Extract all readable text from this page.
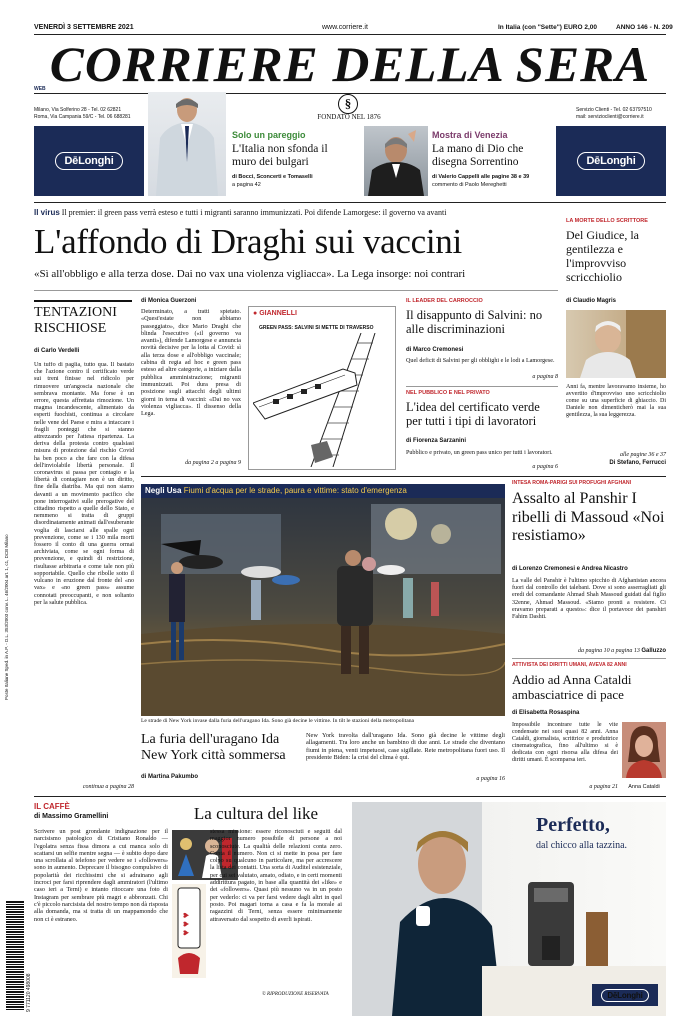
VENERDÌ 3 SETTEMBRE 2021	www.corriere.it	In Italia (con "Sette") EURO 2,00	ANNO 146 - N. 209
CORRIERE DELLA SERA
WEB
Milano, Via Solferino 28 - Tel. 02 62821
Roma, Via Campania 59/C - Tel. 06 688281
§
FONDATO NEL 1876
Servizio Clienti - Tel. 02 63797510
mail: servizioclienti@corriere.it
DēLonghi
Solo un pareggio
L'Italia non sfonda il muro dei bulgari
di Bocci, Sconcerti e Tomaselli
a pagina 42
Mostra di Venezia
La mano di Dio che disegna Sorrentino
di Valerio Cappelli alle pagine 38 e 39
commento di Paolo Mereghetti
DēLonghi
Il virus Il premier: il green pass verrà esteso e tutti i migranti saranno immunizzati. Poi difende Lamorgese: il governo va avanti
L'affondo di Draghi sui vaccini
«Sì all'obbligo e alla terza dose. Dai no vax una violenza vigliacca». La Lega insorge: noi contrari
LA MORTE DELLO SCRITTORE
Del Giudice, la gentilezza e l'improvviso scricchiolio
di Claudio Magris
Anni fa, mentre lavoravamo insieme, ho avvertito d'improvviso uno scricchiolio come su una superficie di ghiaccio. Di Daniele non dimenticherò mai la sua gentilezza, la sua leggerezza.
alle pagine 36 e 37
Di Stefano, Ferrucci
TENTAZIONI RISCHIOSE
di Carlo Verdelli
Un tuffo di paglia, tutto qua. Il bastato che l'azione contro il certificato verde sui treni finisse nel ridicolo per rimuovere un'angoscia nazionale che sembrava montante. Ma forse è un errore, questa affrettata rimozione. Un magma incandescente, alimentato da esperti fuochisti, continua a circolare nelle vene del Paese e mira a intaccare i fragili ponteggi che si stanno attrezzando per l'attesa ripartenza. La deriva della protesta contro qualsiasi misura di protezione dal rischio Covid ha ben poco a che fare con la difesa dell'inviolabile libertà personale. Il coronavirus si passa per contagio e la libertà di contagiare non è un diritto, fine della diatriba. Ma qui non siamo davanti a un movimento pacifico che pone interrogativi sulle prerogative del cittadino rispetto a quelle dello Stato, e nemmeno si tratta di gruppi disordinatamente animati dall'esuberante voglia di lasciarsi alle spalle ogni prevenzione, come se i 130 mila morti fossero il conto di una guerra ormai archiviata, come se ogni forma di prevenzione, e quindi di restrizione, risultasse arbitraria e come tale non più sopportabile. Quello che ribolle sotto il vulcano in eruzione dal fronte del «no vax» e «no green pass» assume connotati preoccupanti, e non soltanto per la salute pubblica.
continua a pagina 28
di Monica Guerzoni
Determinato, a tratti spietato. «Quest'estate non abbiamo passeggiato», dice Mario Draghi che blinda l'esecutivo («il governo va avanti»), difende Lamorgese e annuncia novità decisive per la lotta al Covid: sì alla terza dose e all'obbligo vaccinale; cabina di regia ad hoc e green pass esteso ad altre categorie, a iniziare dalla pubblica amministrazione; migranti immunizzati. Poi dura presa di posizione sugli attacchi degli ultimi giorni in tema di vaccini: «Dai no vax violenza vigliacca». Il dissenso della Lega.
da pagina 2 a pagina 9
● GIANNELLI
GREEN PASS: SALVINI SI METTE DI TRAVERSO
IL LEADER DEL CARROCCIO
Il disappunto di Salvini: no alle discriminazioni
di Marco Cremonesi
Quel deficit di Salvini per gli obblighi e le lodi a Lamorgese.
a pagina 8
NEL PUBBLICO E NEL PRIVATO
L'idea del certificato verde per tutti i tipi di lavoratori
di Fiorenza Sarzanini
Pubblico e privato, un green pass unico per tutti i lavoratori.
a pagina 6
Negli Usa Fiumi d'acqua per le strade, paura e vittime: stato d'emergenza
Le strade di New York invase dalla furia dell'uragano Ida. Sono già decine le vittime. In tilt le stazioni della metropolitana
La furia dell'uragano Ida New York città sommersa
di Martina Pakumbo
New York travolta dall'uragano Ida. Sono già decine le vittime degli allagamenti. Tra loro anche un bambino di due anni. Le strade che diventano fiumi in piena, venti impetuosi, case sigillate. Rete metropolitana fuori uso. Il presidente Biden: la crisi del clima è qui.
a pagina 16
INTESA ROMA-PARIGI SUI PROFUGHI AFGHANI
Assalto al Panshir I ribelli di Massoud «Noi resistiamo»
di Lorenzo Cremonesi e Andrea Nicastro
La valle del Panshir è l'ultimo spicchio di Afghanistan ancora fuori dal controllo dei talebani. Dove si sono asserragliati gli eredi del comandante Ahmad Shah Massoud guidati dal figlio 32enne, Ahmad Massoud. «Siamo pronti a resistere. Ci eravamo preparati a questo»: dice il portavoce dei panshiri Fahim Dashti.
da pagina 10 a pagina 13 Galluzzo
ATTIVISTA DEI DIRITTI UMANI, AVEVA 82 ANNI
Addio ad Anna Cataldi ambasciatrice di pace
di Elisabetta Rosaspina
Impossibile incontrare tutte le vite condensate nei suoi quasi 82 anni. Anna Cataldi, giornalista, scrittrice e produttrice cinematografica, fino all'ultimo si è dedicata con ogni risorsa alla difesa dei diritti umani. È scomparsa ieri.
a pagina 21	Anna Cataldi
IL CAFFÈ
di Massimo Gramellini	La cultura del like
Scrivere un post grondante indignazione per il narcisismo patologico di Cristiano Ronaldo — l'egolatra senza fissa dimora a cui manca solo di scattarsi un selfie mentre segna — è subito dopo dare una scrollata al telefono per vedere se i «followers» sono in aumento. Deprecare il bisogno compulsivo di popolarità dei ricchissimi che si adrainano agli incroci per farsi riprendere dagli ammiratori (l'ultimo caso ieri a Terni) e intanto ritoccare una foto di Instagram per sembrare più magri e abbronzati. Chi c'è piccolo narcisista del nostro tempo non dà risposta alla domanda, ma si tratta di un mappamondo che non ci è estraneo.	♥ ♥ ♥
stessa missione: essere riconosciuti e seguiti dal maggior numero possibile di persone a noi sconosciute. La qualità delle relazioni conta zero. Conta il numero. Non ci si mette in posa per fare colpo su qualcuno in particolare, ma per accrescere la lista dei contatti. Una sorta di Auditel esistenziale, per cui sei valutato, amato, odiato, e in certi momenti addirittura pagato, in base alla quantità dei «like» e dei «followers». Quasi più nessuno va in un posto per vederlo: ci va per farsi vedere dagli altri in quel posto. Poi magari torna a casa e fa la morale ai ragazzini di Terni, senza essere minimamente attraversato dal sospetto di averli ispirati.
© RIPRODUZIONE RISERVATA
Perfetto,
dal chicco alla tazzina.
DēLonghi
Poste Italiane Sped. in A.P. - D.L. 353/2003 conv. L. 46/2004 art. 1, c1, DCB Milano
9 771120 498008
